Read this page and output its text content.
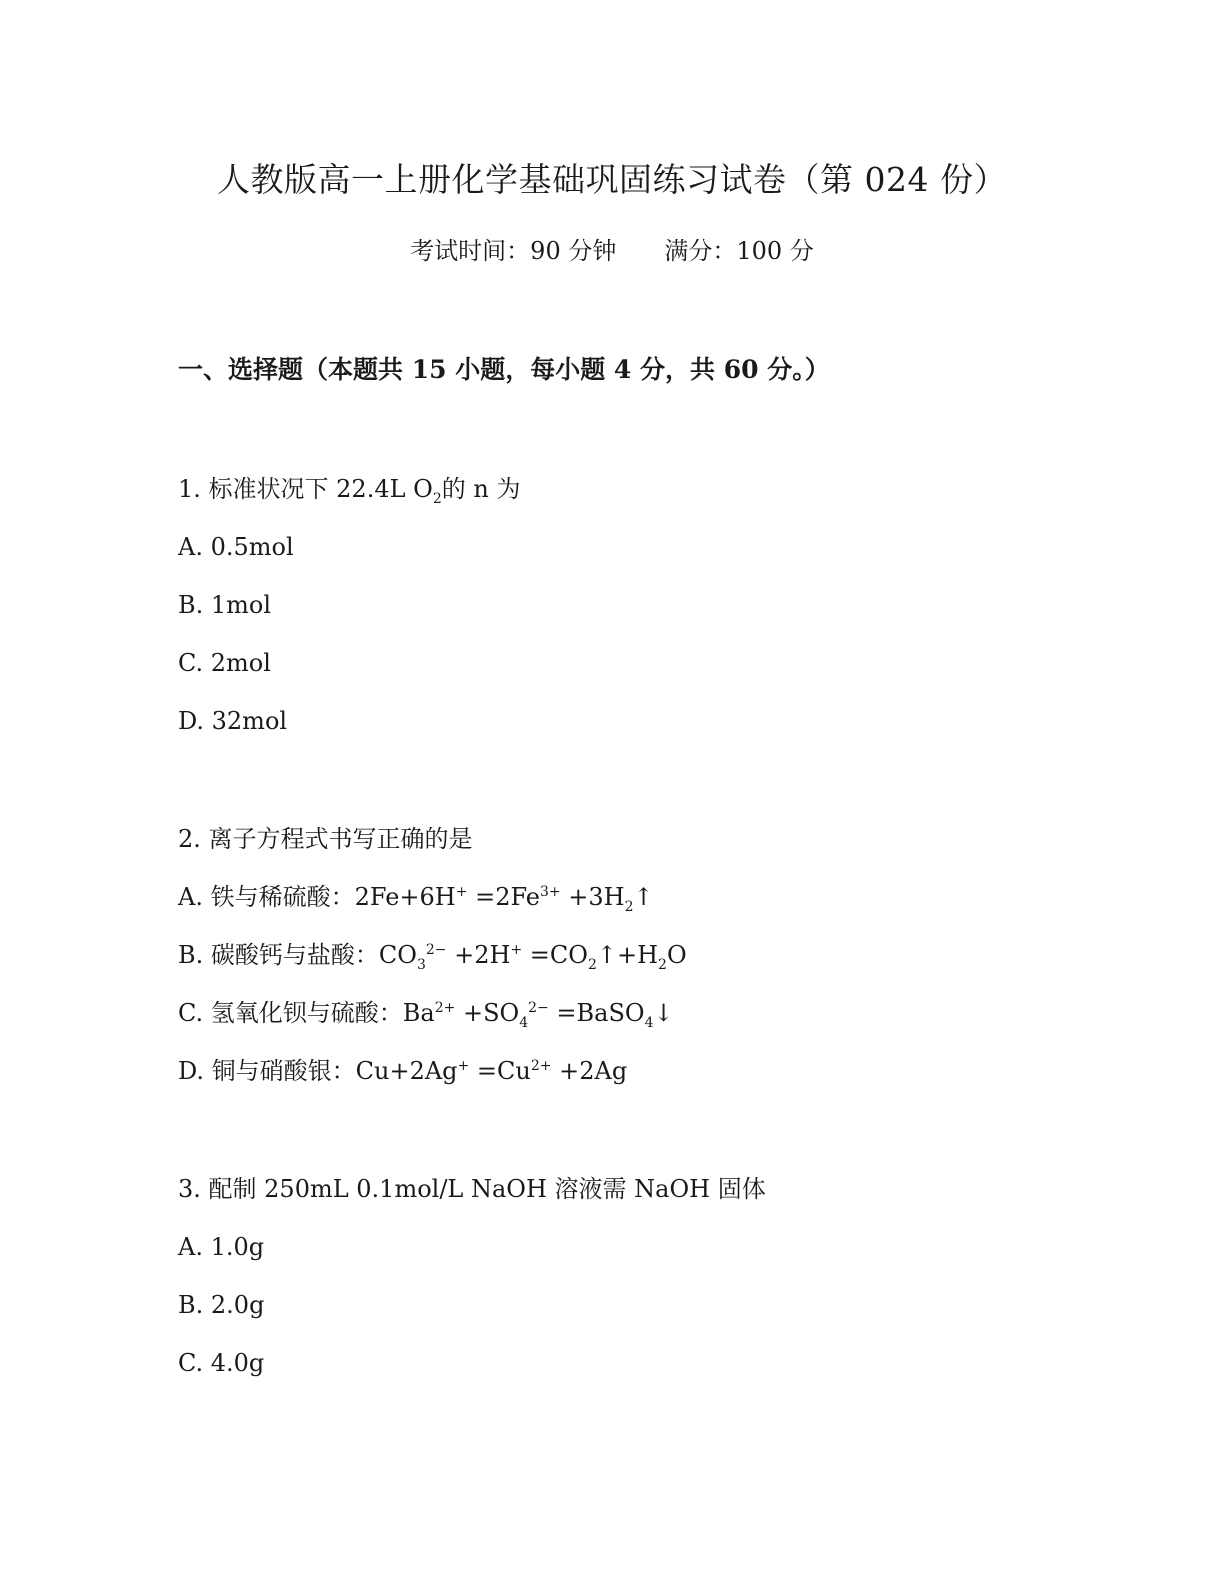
人教版高一上册化学基础巩固练习试卷（第 024 份）
考试时间：90 分钟 满分：100 分
一、选择题（本题共 15 小题，每小题 4 分，共 60 分。）
1. 标准状况下 22.4L $O_2$的 n 为
A. 0.5mol
B. 1mol
C. 2mol
D. 32mol
2. 离子方程式书写正确的是
A. 铁与稀硫酸：$2Fe+6H^+ =2Fe^{3+}$ $+3H_2↑$
B. 碳酸钙与盐酸：$CO_3^{2-} +2H^+$ $=CO_2↑+H_2O$
C. 氢氧化钡与硫酸：$Ba^{2+} +SO_4^{2-}$ =BaSO$_4$↓
D. 铜与硝酸银：$Cu+2Ag^+ =Cu^{2+} +2Ag$
3. 配制 250mL 0.1mol/L NaOH 溶液需 NaOH 固体
A. 1.0g
B. 2.0g
C. 4.0g
